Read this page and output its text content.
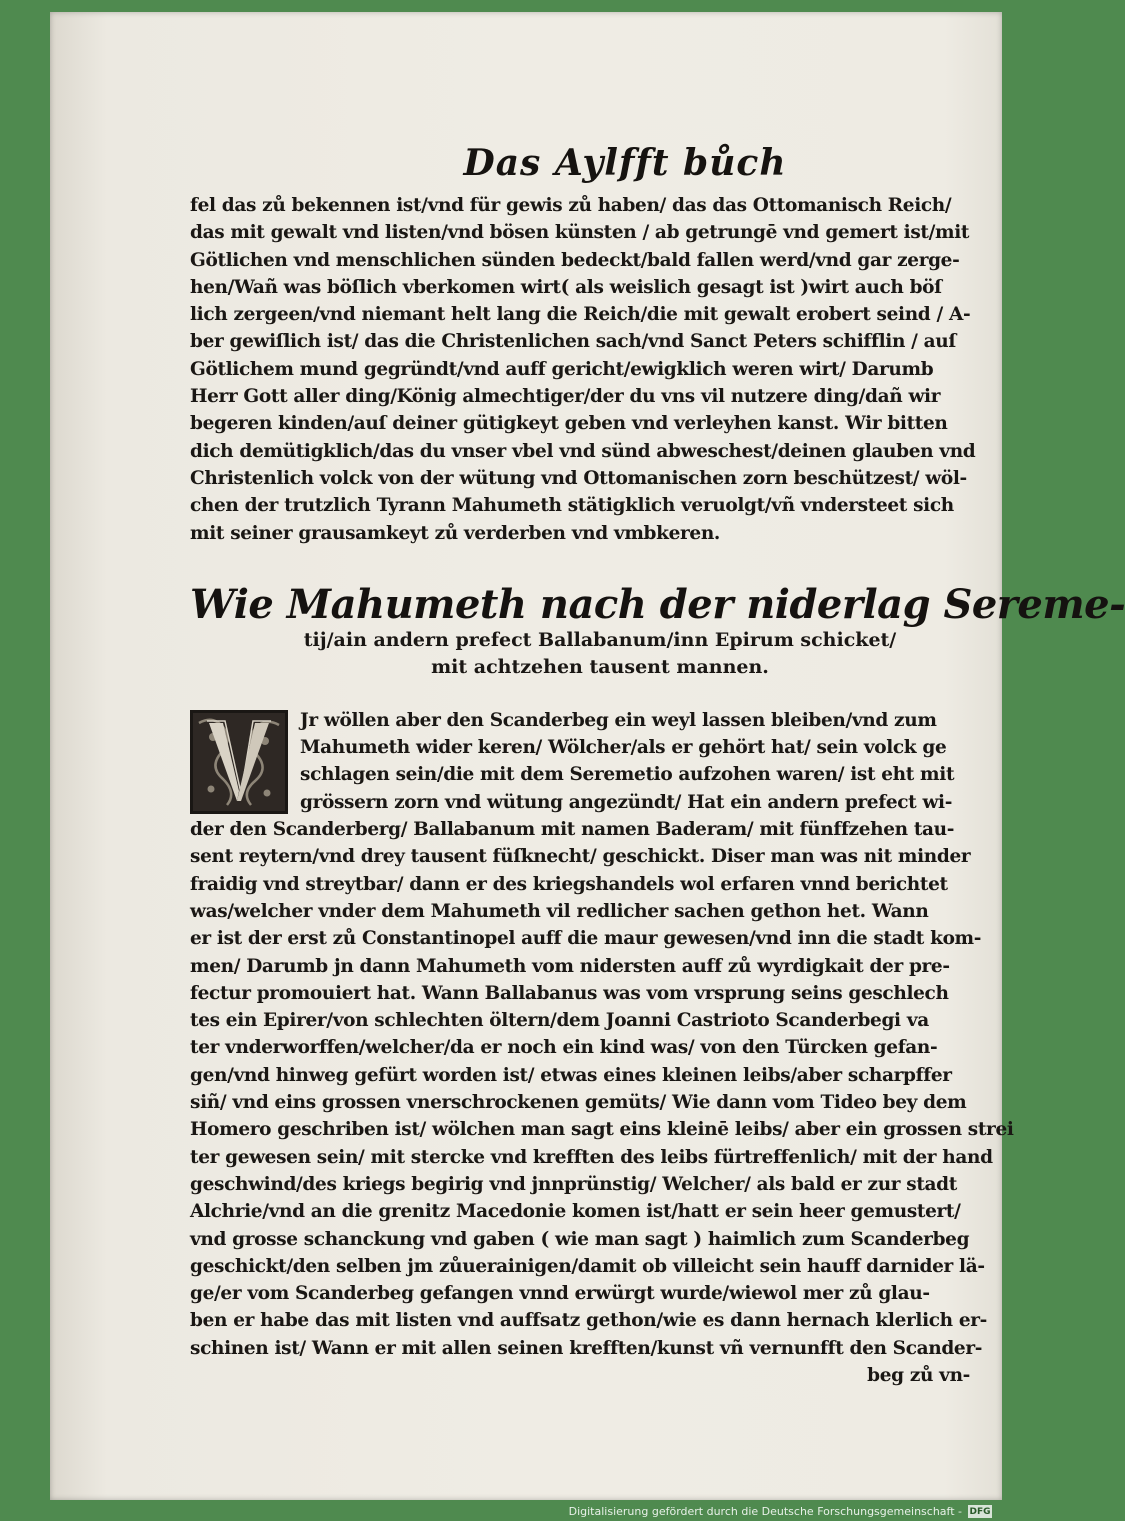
Das Aylfft bůch
fel das zů bekennen ist/vnd für gewis zů haben/ das das Ottomanisch Reich/
das mit gewalt vnd listen/vnd bösen künsten / ab getrungē vnd gemert ist/mit
Götlichen vnd menschlichen sünden bedeckt/bald fallen werd/vnd gar zerge-
hen/Wañ was böſlich vberkomen wirt( als weislich gesagt ist )wirt auch böſ
lich zergeen/vnd niemant helt lang die Reich/die mit gewalt erobert seind / A-
ber gewiſlich ist/ das die Christenlichen sach/vnd Sanct Peters schifflin / auſ
Götlichem mund gegründt/vnd auff gericht/ewigklich weren wirt/ Darumb
Herr Gott aller ding/König almechtiger/der du vns vil nutzere ding/dañ wir
begeren kinden/auſ deiner gütigkeyt geben vnd verleyhen kanst. Wir bitten
dich demütigklich/das du vnser vbel vnd sünd abweschest/deinen glauben vnd
Christenlich volck von der wütung vnd Ottomanischen zorn beschützest/ wöl-
chen der trutzlich Tyrann Mahumeth stätigklich veruolgt/vñ vndersteet sich
mit seiner grausamkeyt zů verderben vnd vmbkeren.
Wie Mahumeth nach der niderlag Sereme-
tij/ain andern prefect Ballabanum/inn Epirum schicket/
mit achtzehen tausent mannen.
Jr wöllen aber den Scanderbeg ein weyl lassen bleiben/vnd zum
Mahumeth wider keren/ Wölcher/als er gehört hat/ sein volck ge
schlagen sein/die mit dem Seremetio aufzohen waren/ ist eht mit
grössern zorn vnd wütung angezündt/ Hat ein andern prefect wi-
der den Scanderberg/ Ballabanum mit namen Baderam/ mit fünffzehen tau-
sent reytern/vnd drey tausent füſknecht/ geschickt. Diser man was nit minder
fraidig vnd streytbar/ dann er des kriegshandels wol erfaren vnnd berichtet
was/welcher vnder dem Mahumeth vil redlicher sachen gethon het. Wann
er ist der erst zů Constantinopel auff die maur gewesen/vnd inn die stadt kom-
men/ Darumb jn dann Mahumeth vom nidersten auff zů wyrdigkait der pre-
fectur promouiert hat. Wann Ballabanus was vom vrsprung seins geschlech
tes ein Epirer/von schlechten öltern/dem Joanni Castrioto Scanderbegi va
ter vnderworffen/welcher/da er noch ein kind was/ von den Türcken gefan-
gen/vnd hinweg gefürt worden ist/ etwas eines kleinen leibs/aber scharpffer
siñ/ vnd eins grossen vnerschrockenen gemüts/ Wie dann vom Tideo bey dem
Homero geschriben ist/ wölchen man sagt eins kleinē leibs/ aber ein grossen strei
ter gewesen sein/ mit stercke vnd krefften des leibs fürtreffenlich/ mit der hand
geschwind/des kriegs begirig vnd jnnprünstig/ Welcher/ als bald er zur stadt
Alchrie/vnd an die grenitz Macedonie komen ist/hatt er sein heer gemustert/
vnd grosse schanckung vnd gaben ( wie man sagt ) haimlich zum Scanderbeg
geschickt/den selben jm zůuerainigen/damit ob villeicht sein hauff darnider lä-
ge/er vom Scanderbeg gefangen vnnd erwürgt wurde/wiewol mer zů glau-
ben er habe das mit listen vnd auffsatz gethon/wie es dann hernach klerlich er-
schinen ist/ Wann er mit allen seinen krefften/kunst vñ vernunfft den Scander-
beg zů vn-
Digitalisierung gefördert durch die Deutsche Forschungsgemeinschaft - DFG
